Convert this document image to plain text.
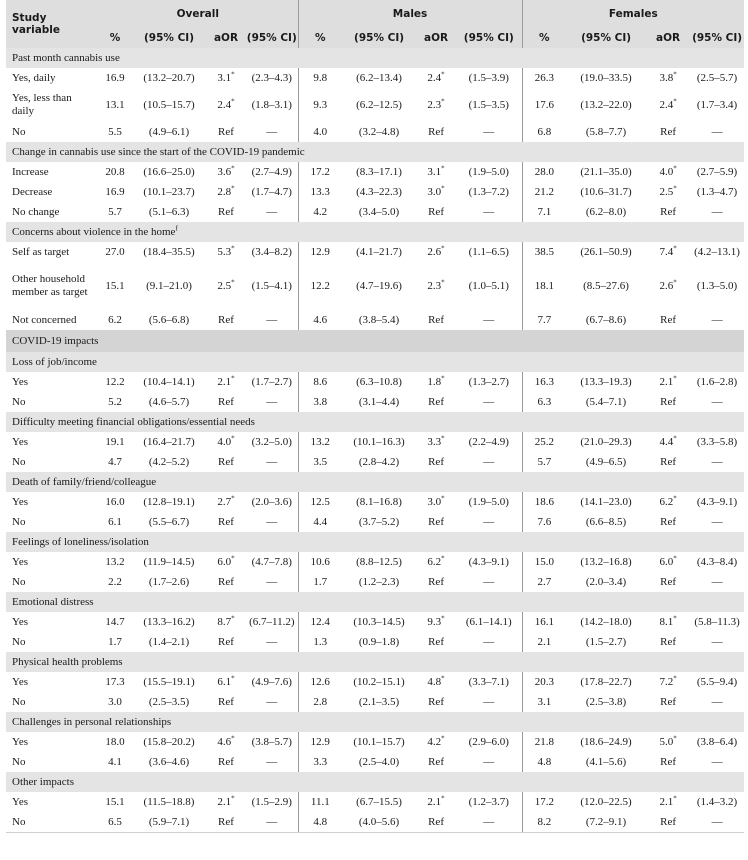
Study variable	Overall				Males				Females			
	%	(95% CI)	aOR	(95% CI)	%	(95% CI)	aOR	(95% CI)	%	(95% CI)	aOR	(95% CI)
Past month cannabis use												
Yes, daily	16.9	(13.2–20.7)	3.1*	(2.3–4.3)	9.8	(6.2–13.4)	2.4*	(1.5–3.9)	26.3	(19.0–33.5)	3.8*	(2.5–5.7)
Yes, less than daily	13.1	(10.5–15.7)	2.4*	(1.8–3.1)	9.3	(6.2–12.5)	2.3*	(1.5–3.5)	17.6	(13.2–22.0)	2.4*	(1.7–3.4)
No	5.5	(4.9–6.1)	Ref	—	4.0	(3.2–4.8)	Ref	—	6.8	(5.8–7.7)	Ref	—
Change in cannabis use since the start of the COVID-19 pandemic												
Increase	20.8	(16.6–25.0)	3.6*	(2.7–4.9)	17.2	(8.3–17.1)	3.1*	(1.9–5.0)	28.0	(21.1–35.0)	4.0*	(2.7–5.9)
Decrease	16.9	(10.1–23.7)	2.8*	(1.7–4.7)	13.3	(4.3–22.3)	3.0*	(1.3–7.2)	21.2	(10.6–31.7)	2.5*	(1.3–4.7)
No change	5.7	(5.1–6.3)	Ref	—	4.2	(3.4–5.0)	Ref	—	7.1	(6.2–8.0)	Ref	—
Concerns about violence in the home$^f$
Self as target	27.0	(18.4–35.5)	5.3*	(3.4–8.2)	12.9	(4.1–21.7)	2.6*	(1.1–6.5)	38.5	(26.1–50.9)	7.4*	(4.2–13.1)
Other household member as target	15.1	(9.1–21.0)	2.5*	(1.5–4.1)	12.2	(4.7–19.6)	2.3*	(1.0–5.1)	18.1	(8.5–27.6)	2.6*	(1.3–5.0)
Not concerned	6.2	(5.6–6.8)	Ref	—	4.6	(3.8–5.4)	Ref	—	7.7	(6.7–8.6)	Ref	—
COVID-19 impacts												
Loss of job/income												
Yes	12.2	(10.4–14.1)	2.1*	(1.7–2.7)	8.6	(6.3–10.8)	1.8*	(1.3–2.7)	16.3	(13.3–19.3)	2.1*	(1.6–2.8)
No	5.2	(4.6–5.7)	Ref	—	3.8	(3.1–4.4)	Ref	—	6.3	(5.4–7.1)	Ref	—
Difficulty meeting financial obligations/essential needs												
Yes	19.1	(16.4–21.7)	4.0*	(3.2–5.0)	13.2	(10.1–16.3)	3.3*	(2.2–4.9)	25.2	(21.0–29.3)	4.4*	(3.3–5.8)
No	4.7	(4.2–5.2)	Ref	—	3.5	(2.8–4.2)	Ref	—	5.7	(4.9–6.5)	Ref	—
Death of family/friend/colleague												
Yes	16.0	(12.8–19.1)	2.7*	(2.0–3.6)	12.5	(8.1–16.8)	3.0*	(1.9–5.0)	18.6	(14.1–23.0)	6.2*	(4.3–9.1)
No	6.1	(5.5–6.7)	Ref	—	4.4	(3.7–5.2)	Ref	—	7.6	(6.6–8.5)	Ref	—
Feelings of loneliness/isolation												
Yes	13.2	(11.9–14.5)	6.0*	(4.7–7.8)	10.6	(8.8–12.5)	6.2*	(4.3–9.1)	15.0	(13.2–16.8)	6.0*	(4.3–8.4)
No	2.2	(1.7–2.6)	Ref	—	1.7	(1.2–2.3)	Ref	—	2.7	(2.0–3.4)	Ref	—
Emotional distress												
Yes	14.7	(13.3–16.2)	8.7*	(6.7–11.2)	12.4	(10.3–14.5)	9.3*	(6.1–14.1)	16.1	(14.2–18.0)	8.1*	(5.8–11.3)
No	1.7	(1.4–2.1)	Ref	—	1.3	(0.9–1.8)	Ref	—	2.1	(1.5–2.7)	Ref	—
Physical health problems												
Yes	17.3	(15.5–19.1)	6.1*	(4.9–7.6)	12.6	(10.2–15.1)	4.8*	(3.3–7.1)	20.3	(17.8–22.7)	7.2*	(5.5–9.4)
No	3.0	(2.5–3.5)	Ref	—	2.8	(2.1–3.5)	Ref	—	3.1	(2.5–3.8)	Ref	—
Challenges in personal relationships												
Yes	18.0	(15.8–20.2)	4.6*	(3.8–5.7)	12.9	(10.1–15.7)	4.2*	(2.9–6.0)	21.8	(18.6–24.9)	5.0*	(3.8–6.4)
No	4.1	(3.6–4.6)	Ref	—	3.3	(2.5–4.0)	Ref	—	4.8	(4.1–5.6)	Ref	—
Other impacts												
Yes	15.1	(11.5–18.8)	2.1*	(1.5–2.9)	11.1	(6.7–15.5)	2.1*	(1.2–3.7)	17.2	(12.0–22.5)	2.1*	(1.4–3.2)
No	6.5	(5.9–7.1)	Ref	—	4.8	(4.0–5.6)	Ref	—	8.2	(7.2–9.1)	Ref	—
